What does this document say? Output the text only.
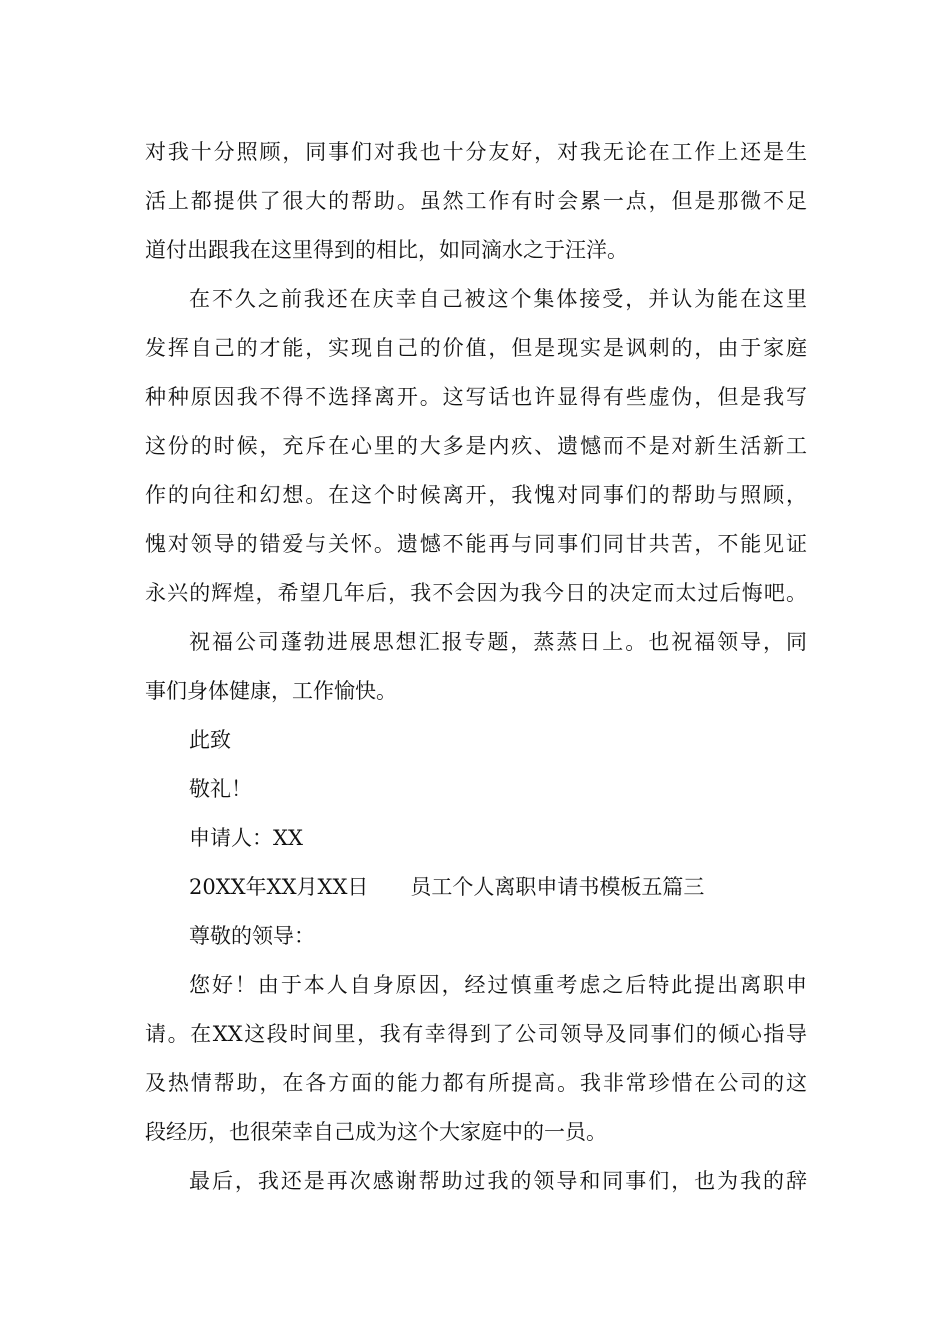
对我十分照顾，同事们对我也十分友好，对我无论在工作上还是生
活上都提供了很大的帮助。虽然工作有时会累一点，但是那微不足
道付出跟我在这里得到的相比，如同滴水之于汪洋。
在不久之前我还在庆幸自己被这个集体接受，并认为能在这里
发挥自己的才能，实现自己的价值，但是现实是讽刺的，由于家庭
种种原因我不得不选择离开。这写话也许显得有些虚伪，但是我写
这份的时候，充斥在心里的大多是内疚、遗憾而不是对新生活新工
作的向往和幻想。在这个时候离开，我愧对同事们的帮助与照顾，
愧对领导的错爱与关怀。遗憾不能再与同事们同甘共苦，不能见证
永兴的辉煌，希望几年后，我不会因为我今日的决定而太过后悔吧。
祝福公司蓬勃进展思想汇报专题，蒸蒸日上。也祝福领导，同
事们身体健康，工作愉快。
此致
敬礼！
申请人：XX
20XX年XX月XX日　　员工个人离职申请书模板五篇三
尊敬的领导：
您好！由于本人自身原因，经过慎重考虑之后特此提出离职申
请。在XX这段时间里，我有幸得到了公司领导及同事们的倾心指导
及热情帮助，在各方面的能力都有所提高。我非常珍惜在公司的这
段经历，也很荣幸自己成为这个大家庭中的一员。
最后，我还是再次感谢帮助过我的领导和同事们，也为我的辞
